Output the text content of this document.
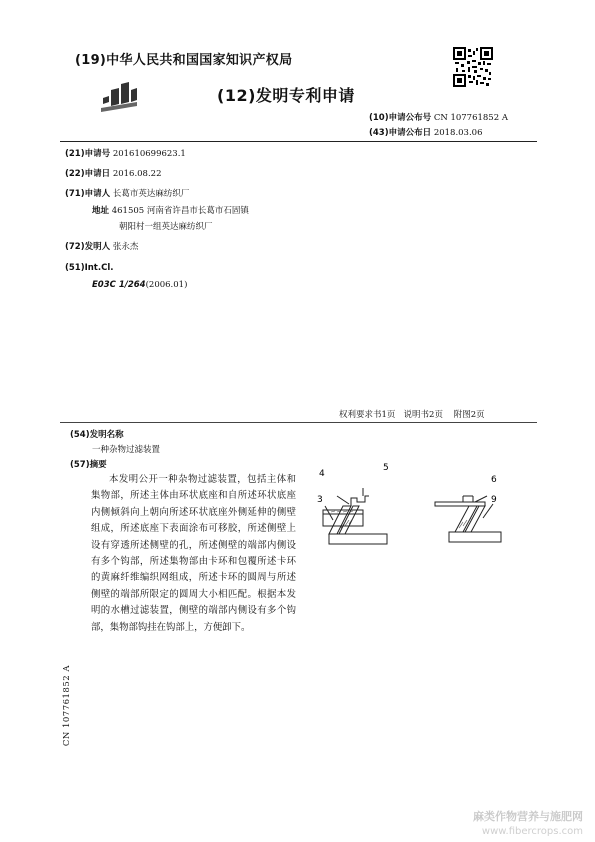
(19)中华人民共和国国家知识产权局
(12)发明专利申请
(10)申请公布号 CN 107761852 A
(43)申请公布日 2018.03.06
(21)申请号 201610699623.1
(22)申请日 2016.08.22
(71)申请人 长葛市英达麻纺织厂
地址 461505 河南省许昌市长葛市石固镇
朝阳村一组英达麻纺织厂
(72)发明人 张永杰
(51)Int.Cl.
E03C 1/264(2006.01)
权利要求书1页 说明书2页 附图2页
(54)发明名称
一种杂物过滤装置
(57)摘要
本发明公开一种杂物过滤装置，包括主体和集物部，所述主体由环状底座和自所述环状底座内侧倾斜向上朝向所述环状底座外侧延伸的侧壁组成，所述底座下表面涂布可移胶，所述侧壁上设有穿透所述侧壁的孔，所述侧壁的端部内侧设有多个钩部，所述集物部由卡环和包覆所述卡环的黄麻纤维编织网组成，所述卡环的圆周与所述侧壁的端部所限定的圆周大小相匹配。根据本发明的水槽过滤装置，侧壁的端部内侧设有多个钩部，集物部钩挂在钩部上，方便卸下。
4
5
3
6
9
CN 107761852 A
麻类作物营养与施肥网
www.fibercrops.com
